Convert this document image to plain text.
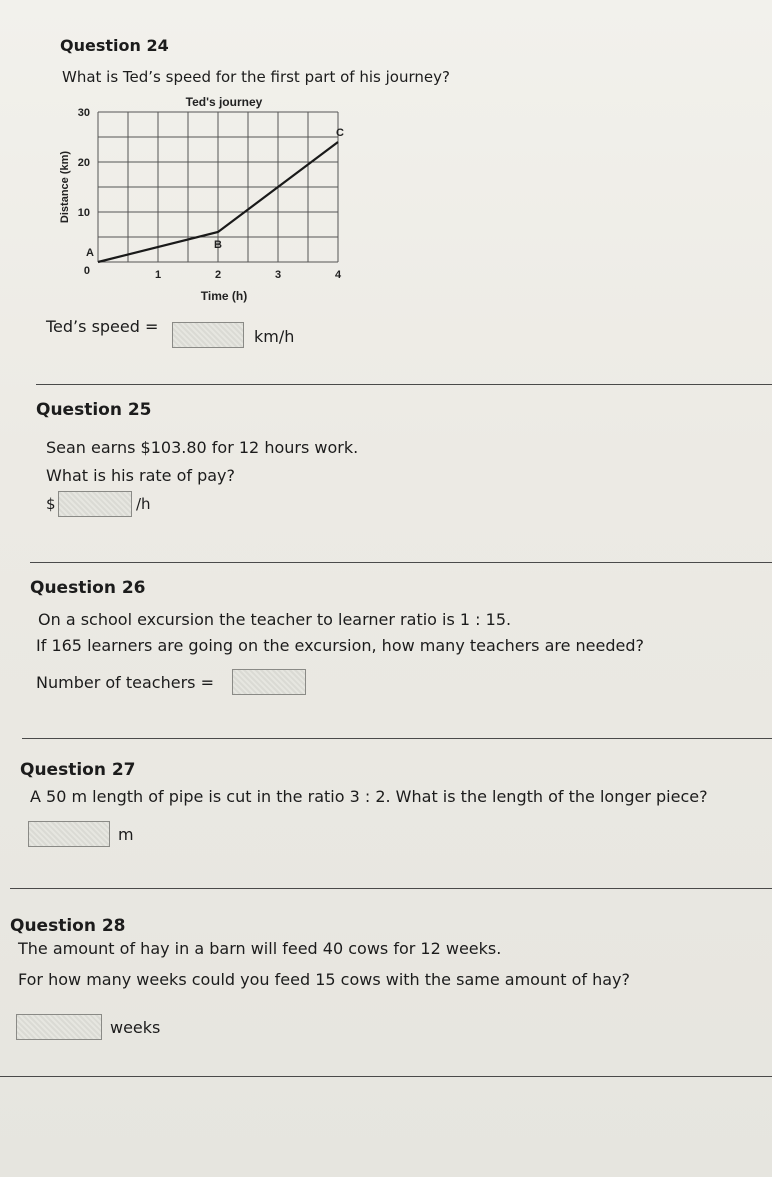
Question 24
What is Ted’s speed for the first part of his journey?
Ted's journey
0
10
20
30
1	2	3	4
Time (h)
Distance (km)
A
B
C
Ted’s speed =
km/h
Question 25
Sean earns $103.80 for 12 hours work.
What is his rate of pay?
$	/h
Question 26
On a school excursion the teacher to learner ratio is 1 : 15.
If 165 learners are going on the excursion, how many teachers are needed?
Number of teachers =
Question 27
A 50 m length of pipe is cut in the ratio 3 : 2. What is the length of the longer piece?
m
Question 28
The amount of hay in a barn will feed 40 cows for 12 weeks.
For how many weeks could you feed 15 cows with the same amount of hay?
weeks
